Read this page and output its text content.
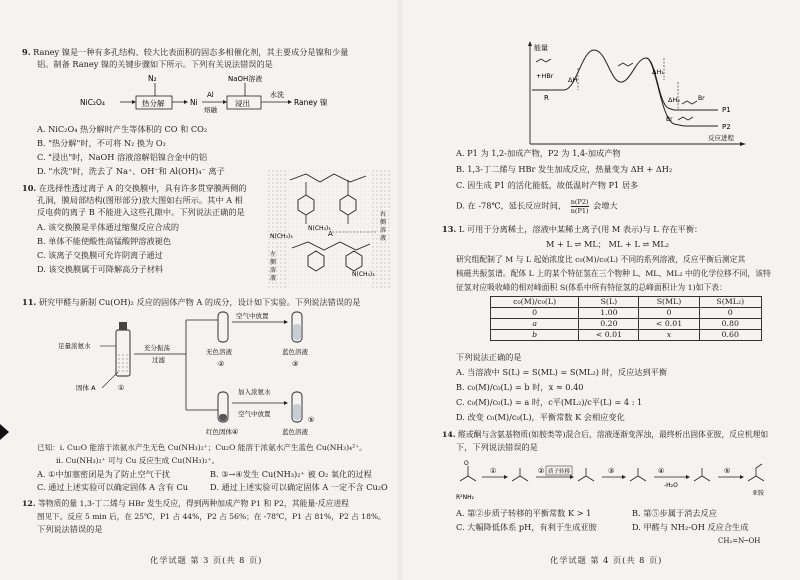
9. Raney 镍是一种有多孔结构、较大比表面积的固态多相催化剂，其主要成分是镍和少量
铝。制备 Raney 镍的关键步骤如下所示。下列有关说法错误的是
N₂
NiC₂O₄	热分解	Ni
Al
熔融
NaOH溶液
浸出
水洗
Raney 镍
A. NiC₂O₄ 热分解时产生等体积的 CO 和 CO₂
B. "热分解"时，不可将 N₂ 换为 O₂
C. "浸出"时，NaOH 溶液溶解铝镍合金中的铝
D. "水洗"时，洗去了 Na⁺、OH⁻和 Al(OH)₄⁻ 离子
10. 在选择性透过离子 A 的交换膜中，具有许多贯穿膜两侧的
孔洞，膜局部结构(图形部分)放大图如右所示。其中 A 相
反电荷的离子 B 不能进入这些孔隙中。下列说法正确的是
A. 该交换膜是半体通过缩聚反应合成的
B. 单体不能使酸性高锰酸钾溶液褪色
C. 该离子交换膜可允许阴离子通过
D. 该交换膜属于可降解高分子材料
N(CH₃)₃
N(CH₃)₃
N(CH₃)₃	A
左
侧
溶
液
右
侧
溶
液
11. 研究甲醛与新制 Cu(OH)₂ 反应的固体产物 A 的成分，设计如下实验。下列说法错误的是
足量浓氨水
固体 A	①
充分振荡
过滤
无色溶液
②
空气中放置
蓝色溶液
③
红色固体
加入浓氨水
空气中放置
蓝色溶液
④
⑤
已知：i. Cu₂O 能溶于浓氨水产生无色 Cu(NH₃)₂⁺；Cu₂O 能溶于浓氨水产生蓝色 Cu(NH₃)₄²⁺。
ii. Cu(NH₃)₂⁺ 可与 Cu 反应生成 Cu(NH₃)₂⁺。
A. ①中加塞密闭是为了防止空气干扰	B. ③→④发生 Cu(NH₃)₂⁺ 被 O₂ 氧化的过程
C. 通过上述实验可以确定固体 A 含有 Cu	D. 通过上述实验可以确定固体 A 一定不含 Cu₂O
12. 等物质的量 1,3-丁二烯与 HBr 发生反应，得到两种加成产物 P1 和 P2，其能量-反应进程
图见下。反应 5 min 后，在 25℃，P1 占 44%，P2 占 56%；在 -78℃，P1 占 81%，P2 占 18%。
下列说法错误的是
化学试题 第 3 页(共 8 页)
能量
反应进程
+HBr
R
P1
P2
Br
Br
ΔH
ΔH₁
ΔH₂
A. P1 为 1,2-加成产物，P2 为 1,4-加成产物
B. 1,3-丁二烯与 HBr 发生加成反应，热量变为 ΔH + ΔH₂
C. 因生成 P1 的活化能低，故低温时产物 P1 居多
D. 在 -78℃，延长反应时间， $\frac{n(P2)}{n(P1)}$ 会增大
13. L 可用于分离稀土，溶液中某稀土离子(用 M 表示)与 L 存在平衡：
M + L ⇌ ML； ML + L ⇌ ML₂
研究组配制了 M 与 L 起始浓度比 c₀(M)/c₀(L) 不同的系列溶液，反应平衡后测定其
核磁共振氢谱。配体 L 上的某个特征氢在三个物种 L、ML、ML₂ 中的化学位移不同，该特
征氢对应吸收峰的相对峰面积 S(体系中所有特征氢的总峰面积计为 1)如下表：
c₀(M)/c₀(L)	S(L)	S(ML)	S(ML₂)
0	1.00	0	0
a	0.20	< 0.01	0.80
b	< 0.01	x	0.60
下列说法正确的是
A. 当溶液中 S(L) = S(ML) = S(ML₂) 时，反应达到平衡
B. c₀(M)/c₀(L) = b 时，x ≈ 0.40
C. c₀(M)/c₀(L) = a 时，c平(ML₂)/c平(L) = 4 : 1
D. 改变 c₀(M)/c₀(L)，平衡常数 K 会相应变化
14. 醛或酮与含氨基物质(如胺类等)混合后，溶液逐渐变浑浊，最终析出固体亚胺，反应机理如
下，下列说法错误的是
O
R²NH₂
①	② 质子转移	③	④
-H₂O
⑤
亚胺
A. 第②步质子转移的平衡常数 K > 1	B. 第⑤步属于消去反应
C. 大幅降低体系 pH，有利于生成亚胺	D. 甲醛与 NH₂-OH 反应合生成
CH₂=N─OH
化学试题 第 4 页(共 8 页)
